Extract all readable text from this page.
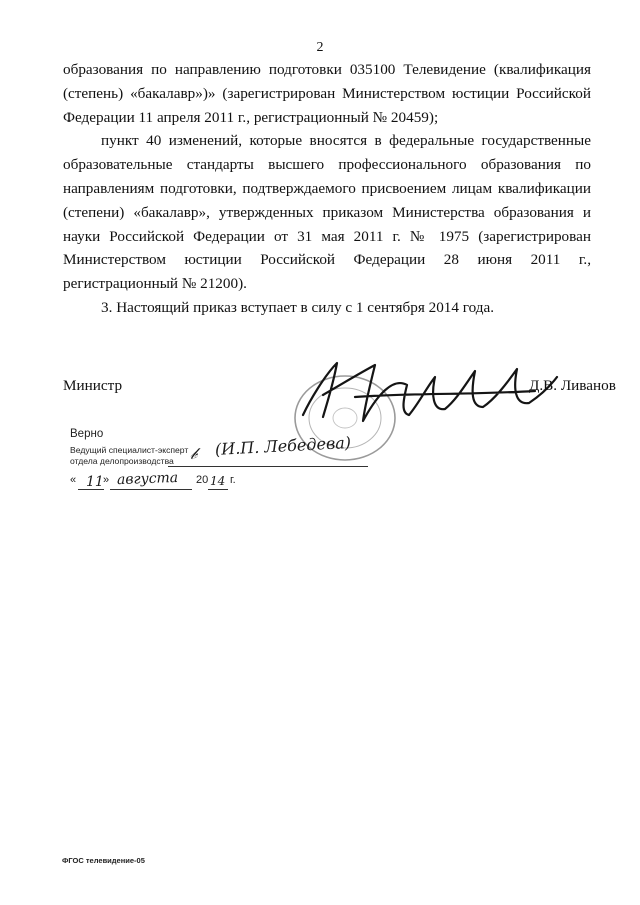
2

образования по направлению подготовки 035100 Телевидение (квалификация (степень) «бакалавр»)» (зарегистрирован Министерством юстиции Российской Федерации 11 апреля 2011 г., регистрационный № 20459);

пункт 40 изменений, которые вносятся в федеральные государственные образовательные стандарты высшего профессионального образования по направлениям подготовки, подтверждаемого присвоением лицам квалификации (степени) «бакалавр», утвержденных приказом Министерства образования и науки Российской Федерации от 31 мая 2011 г. № 1975 (зарегистрирован Министерством юстиции Российской Федерации 28 июня 2011 г., регистрационный № 21200).

3. Настоящий приказ вступает в силу с 1 сентября 2014 года.

Министр	Д.В. Ливанов
Верно
Ведущий специалист-эксперт
отдела делопроизводства 𝒷 (И.П. Лебедева)
« 11 » августа 20 14 г.
ФГОС телевидение-05
